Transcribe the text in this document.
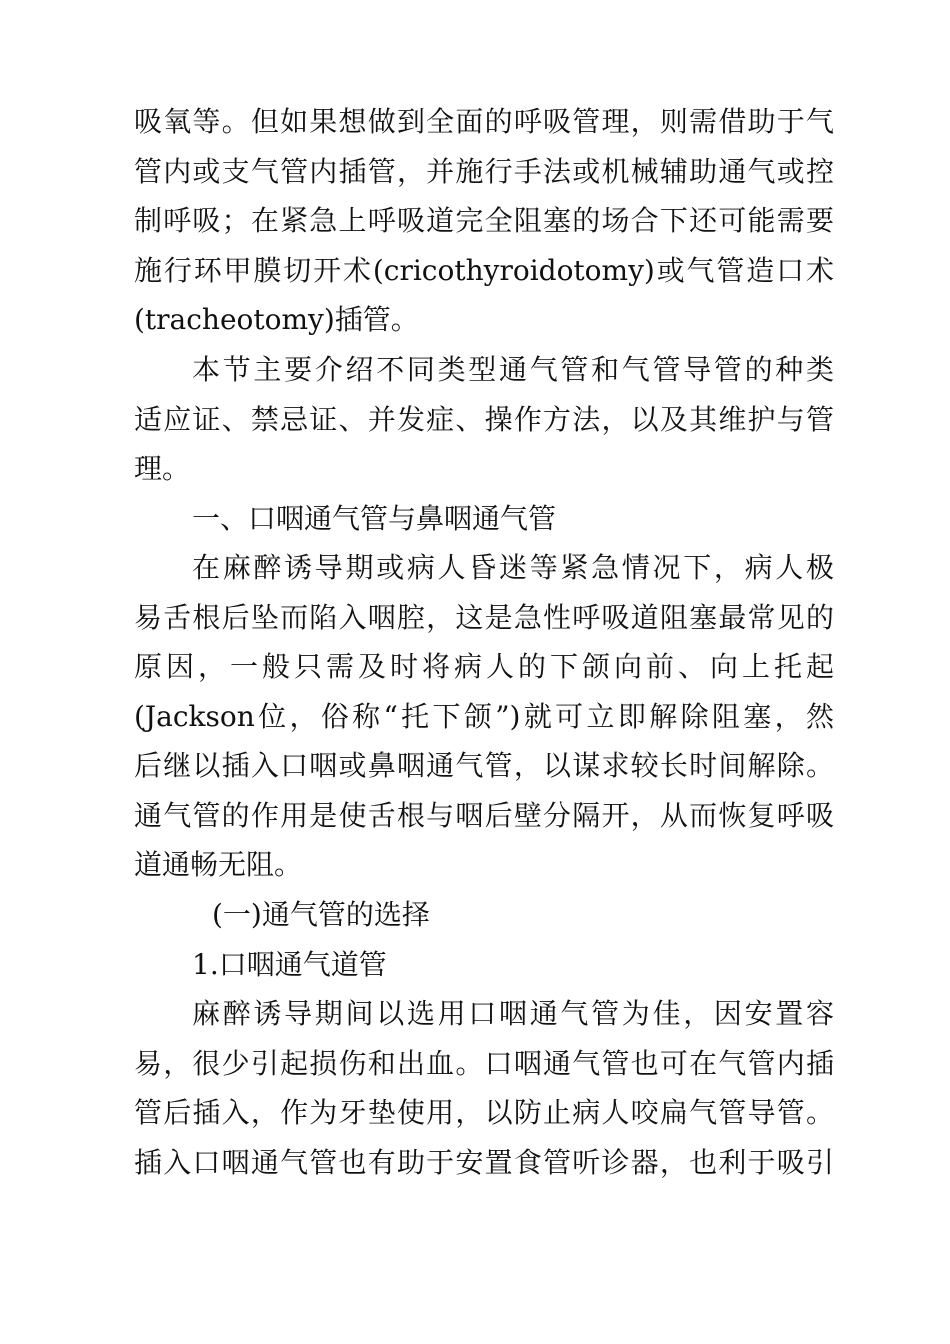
吸氧等。但如果想做到全面的呼吸管理，则需借助于气
管内或支气管内插管，并施行手法或机械辅助通气或控
制呼吸；在紧急上呼吸道完全阻塞的场合下还可能需要
施行环甲膜切开术(cricothyroidotomy)或气管造口术
(tracheotomy)插管。
本节主要介绍不同类型通气管和气管导管的种类
适应证、禁忌证、并发症、操作方法，以及其维护与管
理。
一、口咽通气管与鼻咽通气管
在麻醉诱导期或病人昏迷等紧急情况下，病人极
易舌根后坠而陷入咽腔，这是急性呼吸道阻塞最常见的
原因，一般只需及时将病人的下颌向前、向上托起
(Jackson位，俗称“托下颌”)就可立即解除阻塞，然
后继以插入口咽或鼻咽通气管，以谋求较长时间解除。
通气管的作用是使舌根与咽后壁分隔开，从而恢复呼吸
道通畅无阻。
(一)通气管的选择
1.口咽通气道管
麻醉诱导期间以选用口咽通气管为佳，因安置容
易，很少引起损伤和出血。口咽通气管也可在气管内插
管后插入，作为牙垫使用，以防止病人咬扁气管导管。
插入口咽通气管也有助于安置食管听诊器，也利于吸引
